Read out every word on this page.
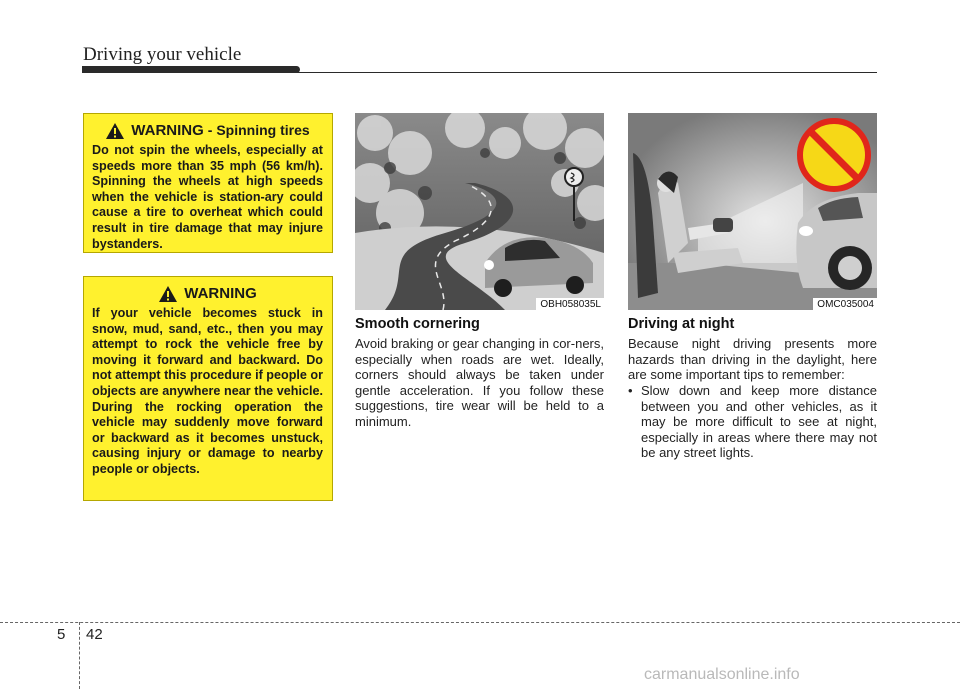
Driving your vehicle
WARNING - Spinning tires
Do not spin the wheels, especially at speeds more than 35 mph (56 km/h). Spinning the wheels at high speeds when the vehicle is station-ary could cause a tire to overheat which could result in tire damage that may injure bystanders.
WARNING
If your vehicle becomes stuck in snow, mud, sand, etc., then you may attempt to rock the vehicle free by moving it forward and backward. Do not attempt this procedure if people or objects are anywhere near the vehicle. During the rocking operation the vehicle may suddenly move forward or backward as it becomes unstuck, causing injury or damage to nearby people or objects.
OBH058035L	OMC035004
Smooth cornering
Avoid braking or gear changing in cor-ners, especially when roads are wet. Ideally, corners should always be taken under gentle acceleration. If you follow these suggestions, tire wear will be held to a minimum.
Driving at night
Because night driving presents more hazards than driving in the daylight, here are some important tips to remember:
• Slow down and keep more distance between you and other vehicles, as it may be more difficult to see at night, especially in areas where there may not be any street lights.
5 42
carmanualsonline.info
